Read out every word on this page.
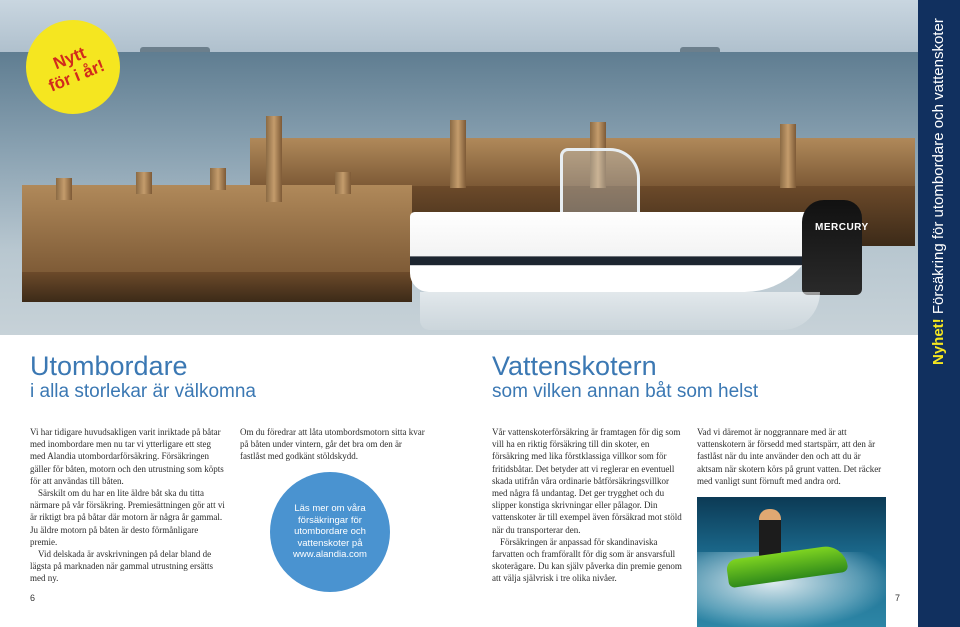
MERCURY
Nytt
för i år!
Nyhet! Försäkring för utombordare och vattenskoter
Utombordare
i alla storlekar är välkomna
Vattenskotern
som vilken annan båt som helst

Vi har tidigare huvudsakligen varit inriktade på båtar med inombordare men nu tar vi ytterligare ett steg med Alandia utombordarförsäkring. Försäkringen gäller för båten, motorn och den utrustning som köpts för att användas till båten.

Särskilt om du har en lite äldre båt ska du titta närmare på vår försäkring. Premiesättningen gör att vi är riktigt bra på båtar där motorn är några år gammal. Ju äldre motorn på båten är desto förmånligare premie.

Vid delskada är avskrivningen på delar bland de lägsta på marknaden när gammal utrustning ersätts med ny.

Om du föredrar att låta utombordsmotorn sitta kvar på båten under vintern, går det bra om den är fastlåst med godkänt stöldskydd.

Läs mer om våra
försäkringar för
utombordare och
vattenskoter på
www.alandia.com

Vår vattenskoterförsäkring är framtagen för dig som vill ha en riktig försäkring till din skoter, en försäkring med lika förstklassiga villkor som för fritidsbåtar. Det betyder att vi reglerar en eventuell skada utifrån våra ordinarie båtförsäkringsvillkor med några få undantag. Det ger trygghet och du slipper konstiga skrivningar eller pålagor. Din vattenskoter är till exempel även försäkrad mot stöld när du transporterar den.

Försäkringen är anpassad för skandinaviska farvatten och framförallt för dig som är ansvarsfull skoterägare. Du kan själv påverka din premie genom att välja självrisk i tre olika nivåer.

Vad vi däremot är noggrannare med är att vattenskotern är försedd med startspärr, att den är fastlåst när du inte använder den och att du är aktsam när skotern körs på grunt vatten. Det räcker med vanligt sunt förnuft med andra ord.

6	7
